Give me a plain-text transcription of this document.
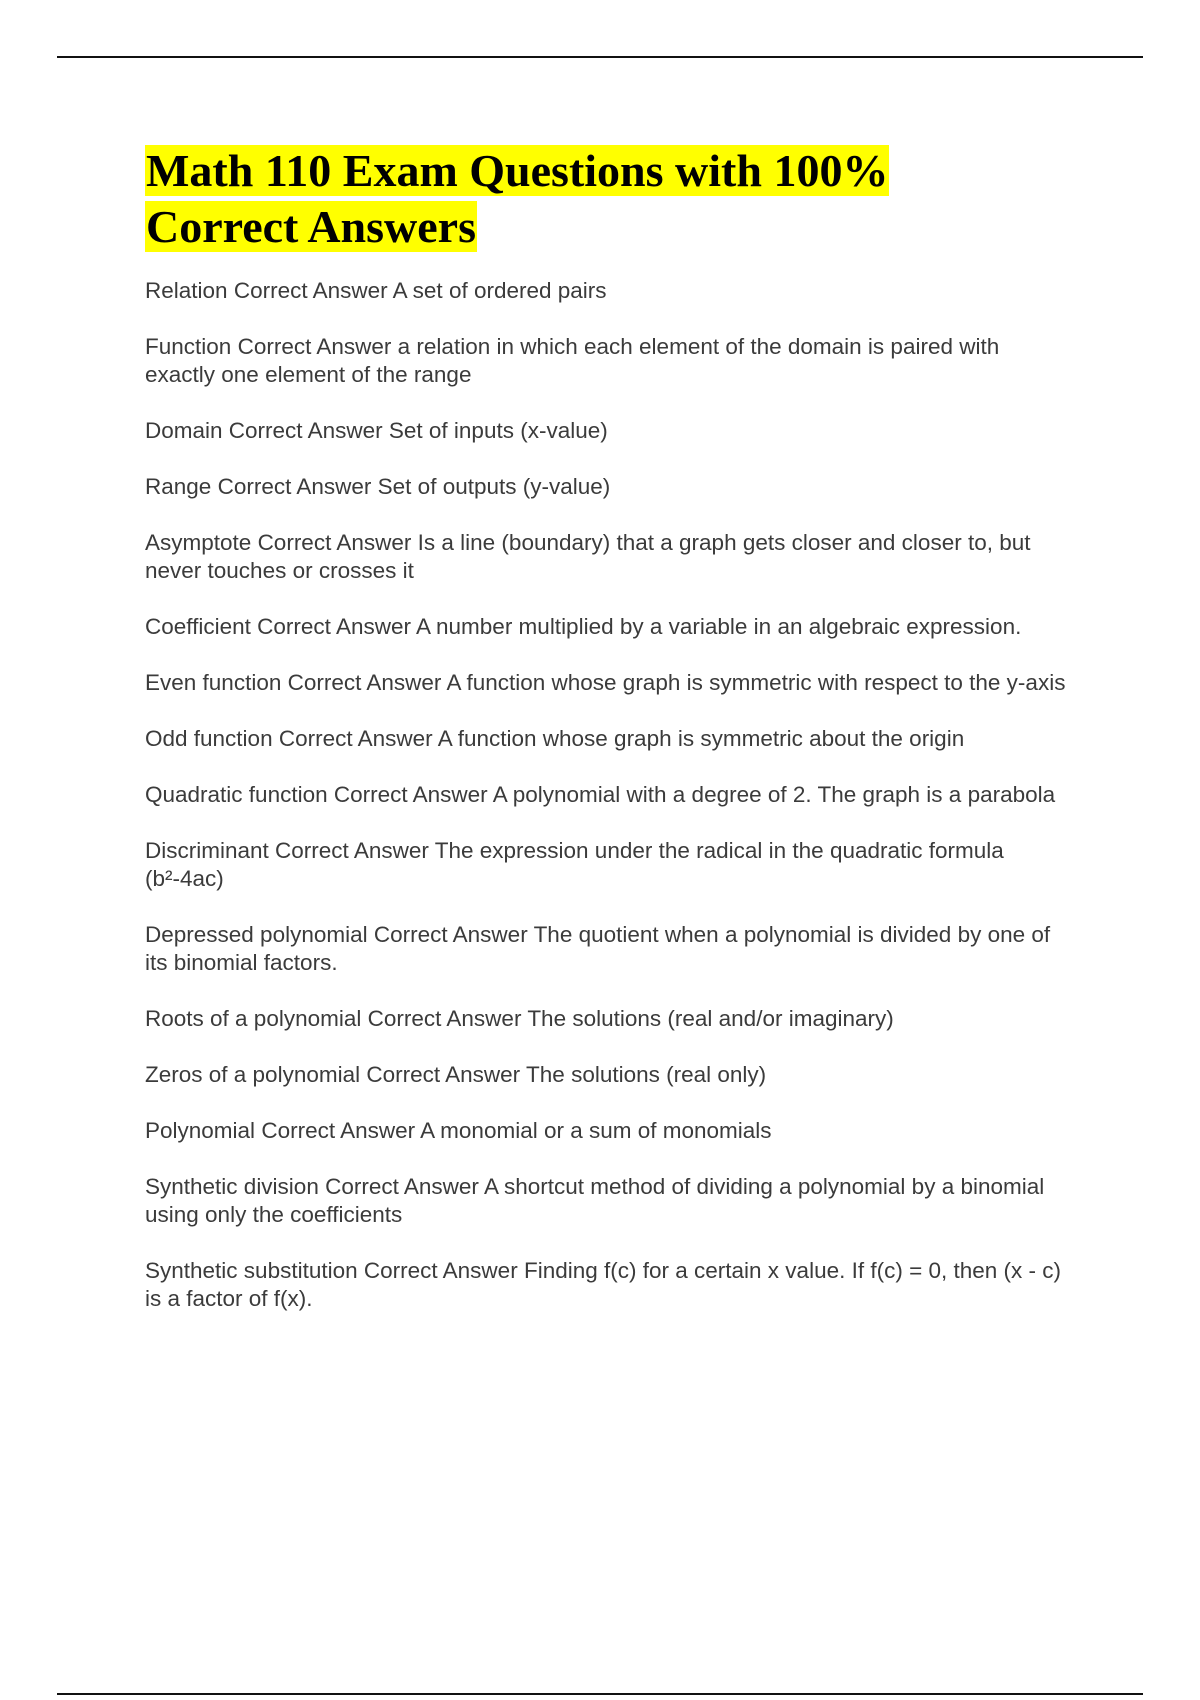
Math 110 Exam Questions with 100%
Correct Answers
Relation Correct Answer A set of ordered pairs
Function Correct Answer a relation in which each element of the domain is paired with exactly one element of the range
Domain Correct Answer Set of inputs (x-value)
Range Correct Answer Set of outputs (y-value)
Asymptote Correct Answer Is a line (boundary) that a graph gets closer and closer to, but never touches or crosses it
Coefficient Correct Answer A number multiplied by a variable in an algebraic expression.
Even function Correct Answer A function whose graph is symmetric with respect to the y-axis
Odd function Correct Answer A function whose graph is symmetric about the origin
Quadratic function Correct Answer A polynomial with a degree of 2. The graph is a parabola
Discriminant Correct Answer The expression under the radical in the quadratic formula (b²-4ac)
Depressed polynomial Correct Answer The quotient when a polynomial is divided by one of its binomial factors.
Roots of a polynomial Correct Answer The solutions (real and/or imaginary)
Zeros of a polynomial Correct Answer The solutions (real only)
Polynomial Correct Answer A monomial or a sum of monomials
Synthetic division Correct Answer A shortcut method of dividing a polynomial by a binomial using only the coefficients
Synthetic substitution Correct Answer Finding f(c) for a certain x value. If f(c) = 0, then (x - c) is a factor of f(x).
